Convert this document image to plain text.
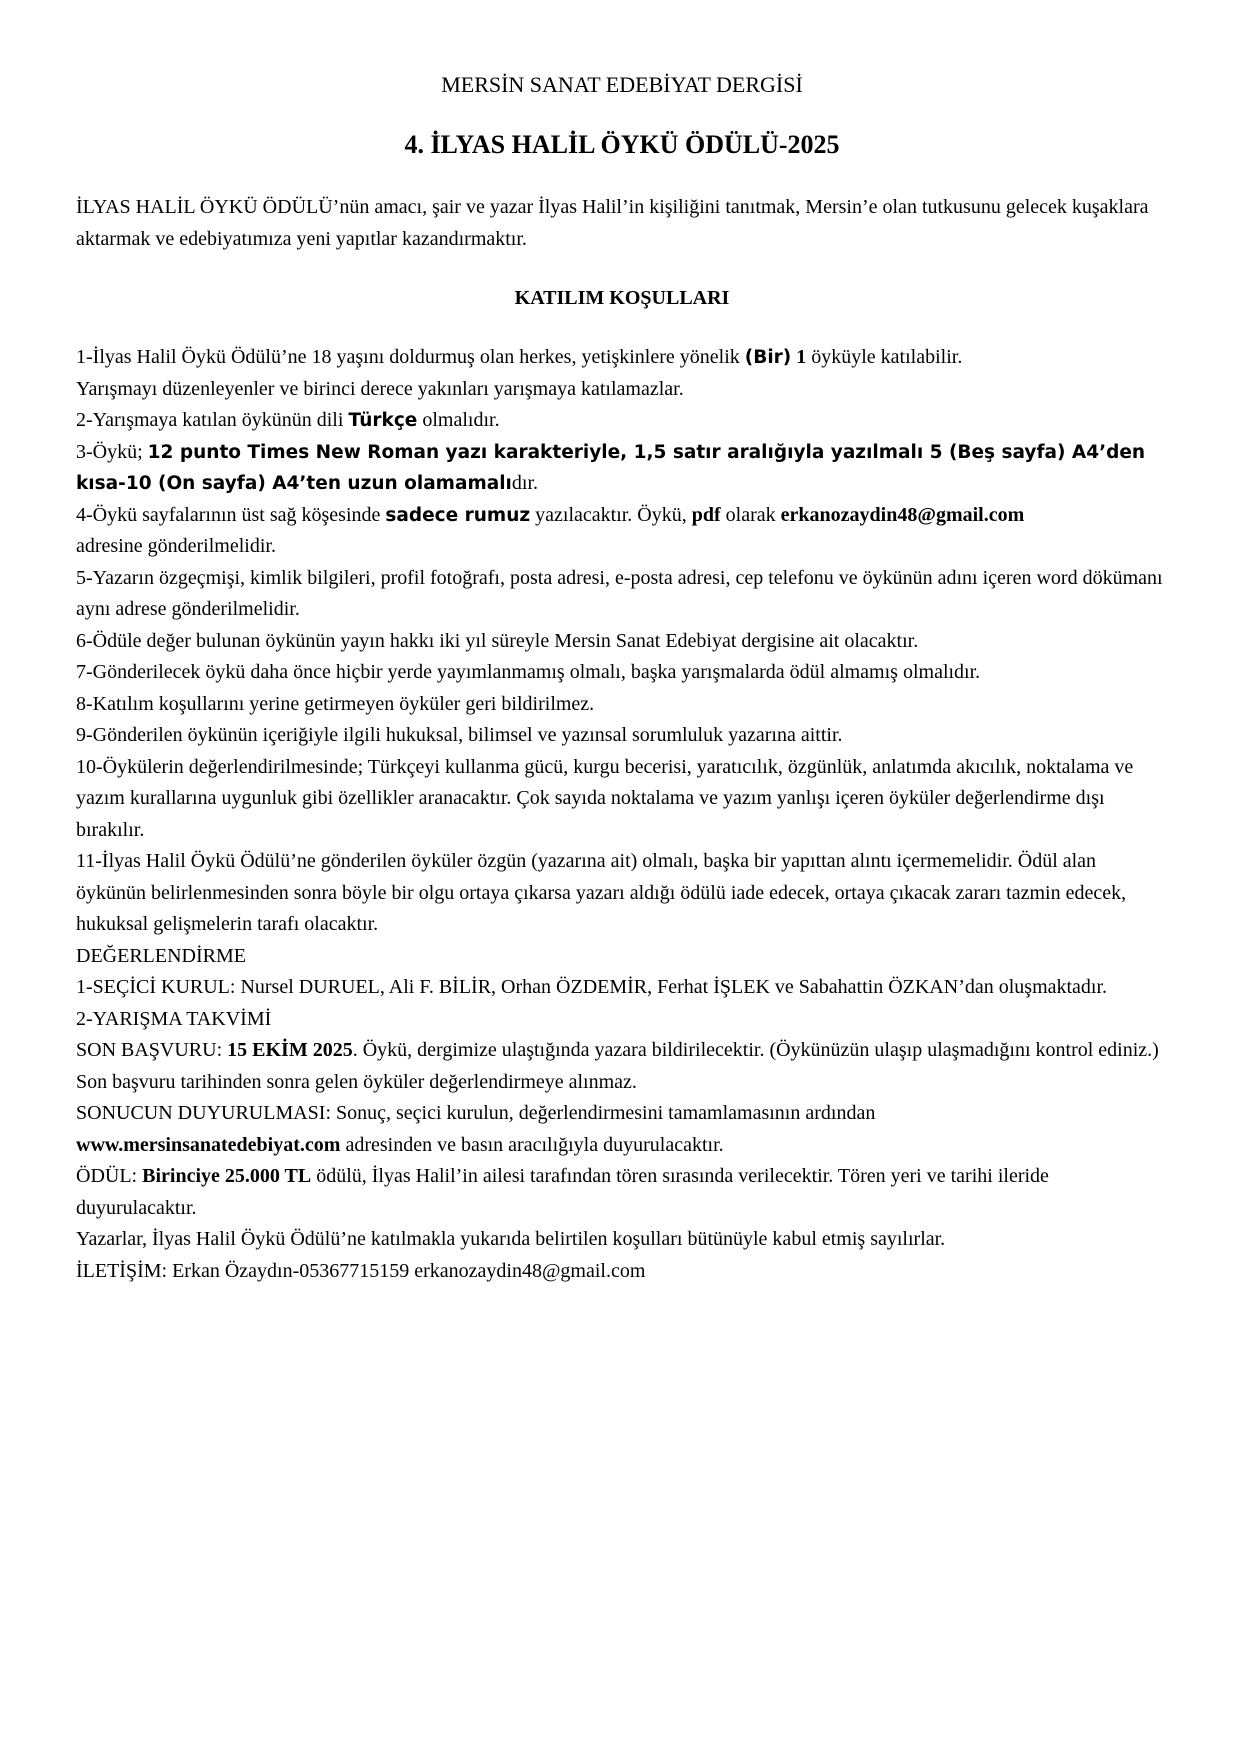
MERSİN SANAT EDEBİYAT DERGİSİ
4. İLYAS HALİL ÖYKÜ ÖDÜLÜ-2025

İLYAS HALİL ÖYKÜ ÖDÜLÜ’nün amacı, şair ve yazar İlyas Halil’in kişiliğini tanıtmak, Mersin’e olan tutkusunu gelecek kuşaklara aktarmak ve edebiyatımıza yeni yapıtlar kazandırmaktır.

KATILIM KOŞULLARI

1-İlyas Halil Öykü Ödülü’ne 18 yaşını doldurmuş olan herkes, yetişkinlere yönelik (Bir) 1 öyküyle katılabilir.
Yarışmayı düzenleyenler ve birinci derece yakınları yarışmaya katılamazlar.

2-Yarışmaya katılan öykünün dili Türkçe olmalıdır.

3-Öykü; 12 punto Times New Roman yazı karakteriyle, 1,5 satır aralığıyla yazılmalı 5 (Beş sayfa) A4’den kısa-10 (On sayfa) A4’ten uzun olamamalıdır.

4-Öykü sayfalarının üst sağ köşesinde sadece rumuz yazılacaktır. Öykü, pdf olarak erkanozaydin48@gmail.com
adresine gönderilmelidir.

5-Yazarın özgeçmişi, kimlik bilgileri, profil fotoğrafı, posta adresi, e-posta adresi, cep telefonu ve öykünün adını içeren word dökümanı aynı adrese gönderilmelidir.

6-Ödüle değer bulunan öykünün yayın hakkı iki yıl süreyle Mersin Sanat Edebiyat dergisine ait olacaktır.

7-Gönderilecek öykü daha önce hiçbir yerde yayımlanmamış olmalı, başka yarışmalarda ödül almamış olmalıdır.

8-Katılım koşullarını yerine getirmeyen öyküler geri bildirilmez.

9-Gönderilen öykünün içeriğiyle ilgili hukuksal, bilimsel ve yazınsal sorumluluk yazarına aittir.

10-Öykülerin değerlendirilmesinde; Türkçeyi kullanma gücü, kurgu becerisi, yaratıcılık, özgünlük, anlatımda akıcılık, noktalama ve yazım kurallarına uygunluk gibi özellikler aranacaktır. Çok sayıda noktalama ve yazım yanlışı içeren öyküler değerlendirme dışı bırakılır.

11-İlyas Halil Öykü Ödülü’ne gönderilen öyküler özgün (yazarına ait) olmalı, başka bir yapıttan alıntı içermemelidir. Ödül alan öykünün belirlenmesinden sonra böyle bir olgu ortaya çıkarsa yazarı aldığı ödülü iade edecek, ortaya çıkacak zararı tazmin edecek, hukuksal gelişmelerin tarafı olacaktır.

DEĞERLENDİRME

1-SEÇİCİ KURUL: Nursel DURUEL, Ali F. BİLİR, Orhan ÖZDEMİR, Ferhat İŞLEK ve Sabahattin ÖZKAN’dan oluşmaktadır.

2-YARIŞMA TAKVİMİ

SON BAŞVURU: 15 EKİM 2025. Öykü, dergimize ulaştığında yazara bildirilecektir. (Öykünüzün ulaşıp ulaşmadığını kontrol ediniz.) Son başvuru tarihinden sonra gelen öyküler değerlendirmeye alınmaz.

SONUCUN DUYURULMASI: Sonuç, seçici kurulun, değerlendirmesini tamamlamasının ardından
www.mersinsanatedebiyat.com adresinden ve basın aracılığıyla duyurulacaktır.

ÖDÜL: Birinciye 25.000 TL ödülü, İlyas Halil’in ailesi tarafından tören sırasında verilecektir. Tören yeri ve tarihi ileride duyurulacaktır.

Yazarlar, İlyas Halil Öykü Ödülü’ne katılmakla yukarıda belirtilen koşulları bütünüyle kabul etmiş sayılırlar.

İLETİŞİM: Erkan Özaydın-05367715159 erkanozaydin48@gmail.com
